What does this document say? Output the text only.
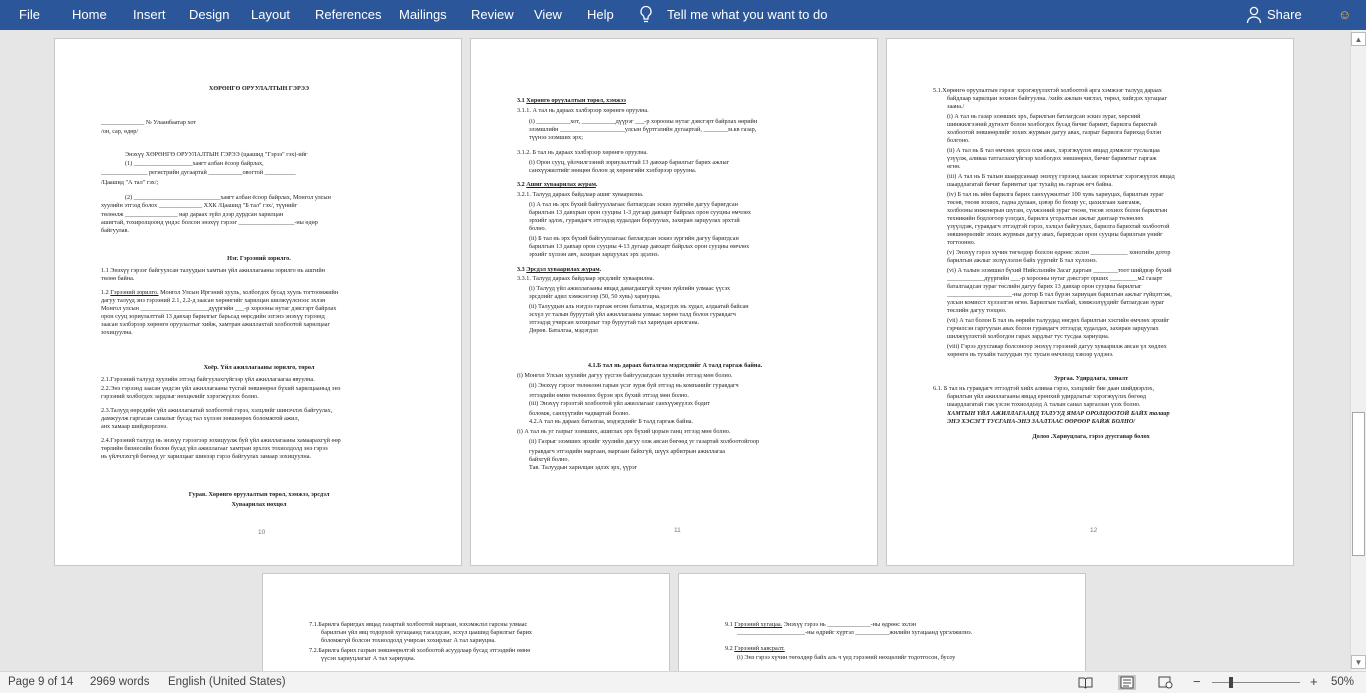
File Home Insert Design Layout References Mailings Review View Help	Tell me what you want to do	Share	☺
ХӨРӨНГӨ ОРУУЛАЛТЫН ГЭРЭЭ
______________ № Улаанбаатар хот
/он, сар, өдөр/
Энэхүү ХӨРӨНГӨ ОРУУЛАЛТЫН ГЭРЭЭ (цаашид "Гэрээ" гэх)-ийг
(1) ___________________хаягт албан ёсоор байрлах,
_______________ регистрийн дугаартай ___________овогтой __________
/Цаашид "А тал" гэх/;
(2) ____________________________хаягт албан ёсоор байрлах, Монгол улсын
хуулийн этгээд болох ______________ ХХК /Цаашид "Б тал" гэх/, түүнийг
төлөөлж _________________ нар дараах зүйл дээр дурдсан харилцан
ашигтай, тохиролцоонд үндэс болсон энэхүү гэрээг __________________-ны өдөр
байгуулав.
Нэг. Гэрээний зорилго.
1.1 Энэхүү гэрээг байгуулсан талуудын хамтын үйл ажиллагааны зорилго нь ашгийн
төлөө байна.
1.2 Гэрээний зорилго. Монгол Улсын Иргэний хууль, холбогдох бусад хууль тогтоомжийн
дагуу талууд энэ гэрээний 2.1, 2.2-д заасан хөрөнгийг харилцан шилжүүлснээс эхлэн
Монгол улсын ______________________дүүргийн ___-р хорооны нутаг дэвсгэрт байрлах
орон сууц зориулалттай 13 давхар барилгыг барьсад өөрсдийн эзгэнэ энэхүү гэрээнд
заасан хэлбэрээр хөрөнгө оруулалтыг хийж, хамтран ажиллахтай холбоотой харилцааг
зохицуулна.
Хоёр. Үйл ажиллагааны зорилго, төрөл
2.1.Гэрээний талууд хуулийн этгээд байгуулахгүйгээр үйл ажиллагаагаа явуулна.
2.2.Энэ гэрээнд заасан үндсэн үйл ажиллагааны тусгай зөвшөөрөл бүхий харилцааныд энэ
гэрээний холбогдох зардлыг нөхцөлийг хэрэгжүүлэх болно.
2.3.Талууд өөрсдийн үйл ажиллагаатай холбоотой гэрээ, хэлцлийг шинэчлэх байгуулах,
дамжуулж гаргасан саналыг бусад тал хүлээн зөвшөөрөх боломжтой ажил,
анх хамаар шийдвэрлэнэ.
2.4.Гэрээний талууд нь энэхүү гэрээгээр зохицуулж буй үйл ажиллагааны хамаарахгүй өөр
төрлийн бизнесийн болон бусад үйл ажиллагааг хамтран эрхлэх тохиолдолд энэ гэрээ
нь үйлчлэхгүй бөгөөд уг харилцааг шинээр гэрээ байгуулах замаар зохицуулна.
Гурав. Хөрөнгө оруулалтын төрөл, хэмжээ, эрсдэл
Хуваарилах нөхцөл
10
3.1 Хөрөнгө оруулалтын төрөл, хэмжээ
3.1.1. А тал нь дараах хэлбэрээр хөрөнгө оруулна.
(i) ___________хот, ___________дүүрэг ___-р хорооны нутаг дэвсгэрт байрлах өөрийн
эзэмшлийн _____________________улсын бүртгэлийн дугаартай, ________м.кв газар,
түүнээ эзэмших эрх;
3.1.2. Б тал нь дараах хэлбэрээр хөрөнгө оруулна.
(i) Орон сууц, үйлчилгээний зориулалттай 13 давхар барилгыг барих ажлыг
санхүүжилтийг нөөцөн болон эд хөрөнгийн хэлбэрээр оруулна.
3.2 Ашиг хуваарилах журам.
3.2.1. Талууд дараах байдлаар ашиг хуваарилна.
(i) А тал нь эрх бүхий байгууллагаас батлагдсан эскиз зургийн дагуу баригдсан
барилгын 13 давхрын орон сууцны 1-3 дугаар давхарт байрлах орон сууцны өмчлөх
эрхийг эдлэх, гуравдагч этгээдэд худалдан борлуулах, захиран зарцуулах эрхтэй
болно.
(ii) Б тал нь эрх бүхий байгууллагаас батлагдсан эскиз зургийн дагуу баригдсан
барилгын 13 давхар орон сууцны 4-13 дугаар давхарт байрлах орон сууцны өмчлөх
эрхийг хүлээн авч, захиран зарцуулах эрх эдэлнэ.
3.3 Эрсдэл хуваарилах журам.
3.3.1. Талууд дараах байдлаар эрсдлийг хуваарилна.
(i) Талууд үйл ажиллагааны явцад давагдашгүй хүчин зүйлийн улмаас үүсэх
эрсдлийг адил хэмжээгээр (50, 50 хувь) хариуцна.
(ii) Талуудын аль нэгдээ гаргаж өгсөн баталгаа, мэдэгдэх нь худал, алдаатай байсан
эсхүл уг талын буруутай үйл ажиллагааны улмаас хөрөө талд болон гуравдагч
этгээдэд учирсан хохирлыг тэр буруутай тал хариуцан арилгана.
Дөрөв. Баталгаа, мэдэгдэл
4.1.Б тал нь дараах баталгаа мэдэгдлийг А талд гаргаж байна.
(i) Монгол Улсын хуулийн дагуу үүсгэн байгуулагдсан хуулийн этгээд мөн болно.
(ii) Энэхүү гэрээг төлөөлөн гарын үсэг зурж буй этгээд нь компанийг гуравдагч
этгээдийн өмнө төлөөлөх бүрэн эрх бүхий этгээд мөн болно.
(iii) Энэхүү гэрээтэй холбоотой үйл ажиллагааг санхүүжүүлэх бодит
боломж, санхүүгийн чадвартай болно.
4.2.А тал нь дараах баталгаа, мэдэгдлийг Б талд гаргаж байна.
(i) А тал нь уг газрыг эзэмших, ашиглах эрх бүхий цорын ганц этгээд мөн болно.
(ii) Газрыг эзэмших эрхийг хуулийн дагуу олж авсан бөгөөд уг газартай холбоотойгоор
гуравдагч этгээдийн маргаан, маргаан байхгүй, шүүх арбитрын ажиллагаа
байхгүй болно.
Тав. Талуудын харилцан эдлэх эрх, үүрэг
11
5.1.Хөрөнгө оруулалтын гэрээг хэрэгжүүлэхтэй холбоотой арга хэмжээг талууд дараах
байдлаар харилцан зохион байгуулна. /хийх ажлын чиглэл, төрөл, хийгдэх хугацааг
заана./
(i) А тал нь газар эзэмших эрх, барилгын батлагдсан эскиз зураг, хөрсний
шинжилгээний дүгнэлт болон холбогдох бусад бичиг баримт, барилга барихтай
холбоотой зөвшөөрлийг зохих журмын дагуу авах, газрыг барилга барихад бэлэн
болгоно.
(ii) А тал нь Б тал өмчлөх эрхээ олж авах, хэрэгжүүлэх явцад дэмжлэг туслалцаа
үзүүлж, аливаа татгалзахгүйгээр холбогдох зөвшөөрөл, бичиг баримтыг гаргаж
өгнө.
(iii) А тал нь Б талын шаардсанаар энэхүү гэрээнд заасан зорилгыг хэрэгжүүлэх явцад
шаардлагатай бичиг баримтыг цаг тухайд нь гаргаж өгч байна.
(iv) Б тал нь ийм барилга барих санхүүжилтыг 100 хувь хариуцах, барилгын зураг
төсөв, төсөв зохиох, гадна дулаан, цэвэр бо бохир ус, цахилгаан хангамж,
холбооны инженерын шугам, сүлжээний зураг төсөв, төсөв зохиох болон барилгын
техникийн бодлогоор үзэгдах, барилга угсралтын ажлыг дангаар төлөөлөх
үзүүлдэж, гуравдагч этгээдтэй гэрээ, хэлцэл байгуулах, барилга барихтай холбоотой
зөвшөөрөлийг зохих журмын дагуу авах, баригдсан орон сууцны барилгын үнийг
тогтоонно.
(v) Энэхүү гэрээ хүчин төгөлдөр болсон өдрөөс эхлэн ____________ хоногийн дотор
барилгын ажлыг эхлүүлэлэн байх үүргийг Б тал хүлээнэ.
(vi) А талын эзэмшил бүхий Нийслэлийн Засаг даргын ________тоот шийдвэр бүхий
____________дүүргийн ___-р хорооны нутаг дэвсгэрт орших _________м2 газарт
баталгаадсан зураг төслийн дагуу барих 13 давхар орон сууцны барилгыг
_____________________-ны дотор Б тал бүрэн хариуцан барилгын ажлыг гүйцэтгэж,
улсын комисст хүлээлгэн өгнө. Барилгын талбай, хэмжээлүүдийг батлагдсан зураг
төслийн дагуу тооцно.
(vii) А тал болон Б тал нь өөрийн талуудад нөгдөх барилгын хэсгийн өмчлөх эрхийг
гэрчилсэн гаргуулан авах болон гуравдагч этгээдэд худалдах, захиран зарцуулах
шилжүүлэхтэй холбогдон гарах зардлыг тус тусдаа хариуцна.
(viii) Гэрээ дуусгавар болсоноор энэхүү гэрээний дагуу хуваарилж авсан үл хөдлөх
хөрөнгө нь тухайн талуудын тус тусын өмчлөлд хэвээр үлдэнэ.
Зургаа. Удирдлага, хяналт
6.1. Б тал нь гуравдагч этгээдтэй хийх аливаа гэрээ, хэлцлийг бие даан шийдвэрлэх,
барилгын үйл ажиллагааны явцад ерөнхий удирдлагыг хэрэгжүүлэх бөгөөд
шаардлагатай гэж үзсэн тохиолдолд А талын санал харгалзан үзэх болно.
ХАМТЫН ҮЙЛ АЖИЛЛАГААНД ТАЛУУД ЯМАР ОРОЛЦООТОЙ БАЙХ талаар
ЭНЭ ХЭСЭГТ ТУСГАНА-ЭНЭ ЗААЛТААС ӨӨРӨӨР БАЙЖ БОЛНО/
Долоо .Хариуцлага, гэрээ дуусгавар болох
12
7.1.Барилга баригдах явцад газартай холбоотой маргаан, нэхэмжлэл гарсны улмаас
барилгын үйл явц тодорхой хугацаанд тасалдсан, эсхүл цаашид барилгыг барих
боломжгүй болсон тохиолдолд учирсан хохирлыг А тал хариуцна.
7.2.Барилга барих газрын зөвшөөрөлтэй холбоотой асуудлаар бусад этгээдийн өмнө
үүсэн хариуцлагыг А тал хариуцна.
9.1 Гэрээний хугацаа. Энэхүү гэрээ нь ______________-ны өдрөөс эхлэн
______________________-ны өдрийг хүртэл ___________жилийн хугацаанд үргэлжилнэ.
9.2 Гэрээний хавсралт.
(i) Энэ гэрээ хүчин төгөлдөр байх аль ч үед гэрээний нөхцөлийг тодотгосон, бусоу
▲
▼
Page 9 of 14 2969 words English (United States)	−	+ 50%
